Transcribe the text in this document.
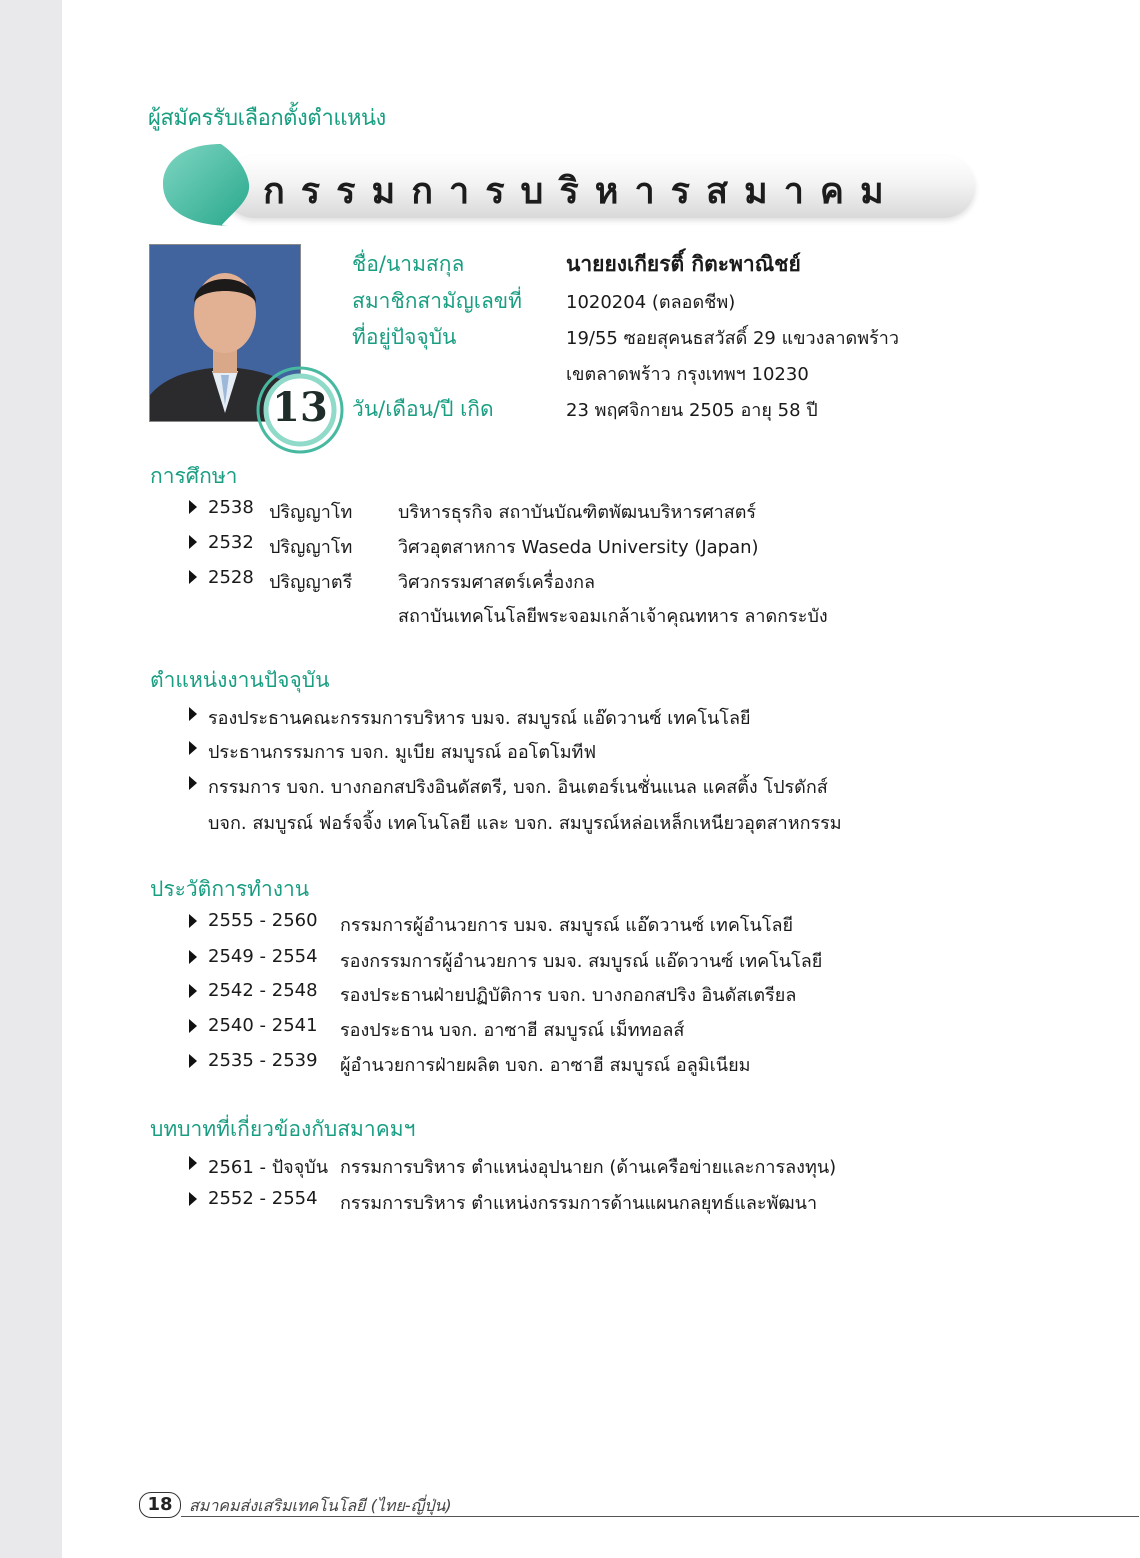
ผู้สมัครรับเลือกตั้งตำแหน่ง
กรรมการบริหารสมาคม
13
ชื่อ/นามสกุล	นายยงเกียรติ์ กิตะพาณิชย์
สมาชิกสามัญเลขที่ 1020204 (ตลอดชีพ)
ที่อยู่ปัจจุบัน	19/55 ซอยสุคนธสวัสดิ์ 29 แขวงลาดพร้าว
เขตลาดพร้าว กรุงเทพฯ 10230
วัน/เดือน/ปี เกิด	23 พฤศจิกายน 2505 อายุ 58 ปี
การศึกษา
2538 ปริญญาโท	บริหารธุรกิจ สถาบันบัณฑิตพัฒนบริหารศาสตร์
2532 ปริญญาโท	วิศวอุตสาหการ Waseda University (Japan)
2528 ปริญญาตรี	วิศวกรรมศาสตร์เครื่องกล
สถาบันเทคโนโลยีพระจอมเกล้าเจ้าคุณทหาร ลาดกระบัง
ตำแหน่งงานปัจจุบัน
รองประธานคณะกรรมการบริหาร บมจ. สมบูรณ์ แอ๊ดวานซ์ เทคโนโลยี
ประธานกรรมการ บจก. มูเบีย สมบูรณ์ ออโตโมทีฟ
กรรมการ บจก. บางกอกสปริงอินดัสตรี, บจก. อินเตอร์เนชั่นแนล แคสติ้ง โปรดักส์
บจก. สมบูรณ์ ฟอร์จจิ้ง เทคโนโลยี และ บจก. สมบูรณ์หล่อเหล็กเหนียวอุตสาหกรรม
ประวัติการทำงาน
2555 - 2560 กรรมการผู้อำนวยการ บมจ. สมบูรณ์ แอ๊ดวานซ์ เทคโนโลยี
2549 - 2554 รองกรรมการผู้อำนวยการ บมจ. สมบูรณ์ แอ๊ดวานซ์ เทคโนโลยี
2542 - 2548 รองประธานฝ่ายปฏิบัติการ บจก. บางกอกสปริง อินดัสเตรียล
2540 - 2541 รองประธาน บจก. อาซาฮี สมบูรณ์ เม็ททอลส์
2535 - 2539 ผู้อำนวยการฝ่ายผลิต บจก. อาซาฮี สมบูรณ์ อลูมิเนียม
บทบาทที่เกี่ยวข้องกับสมาคมฯ
2561 - ปัจจุบัน กรรมการบริหาร ตำแหน่งอุปนายก (ด้านเครือข่ายและการลงทุน)
2552 - 2554 กรรมการบริหาร ตำแหน่งกรรมการด้านแผนกลยุทธ์และพัฒนา
18	สมาคมส่งเสริมเทคโนโลยี (ไทย-ญี่ปุ่น)
